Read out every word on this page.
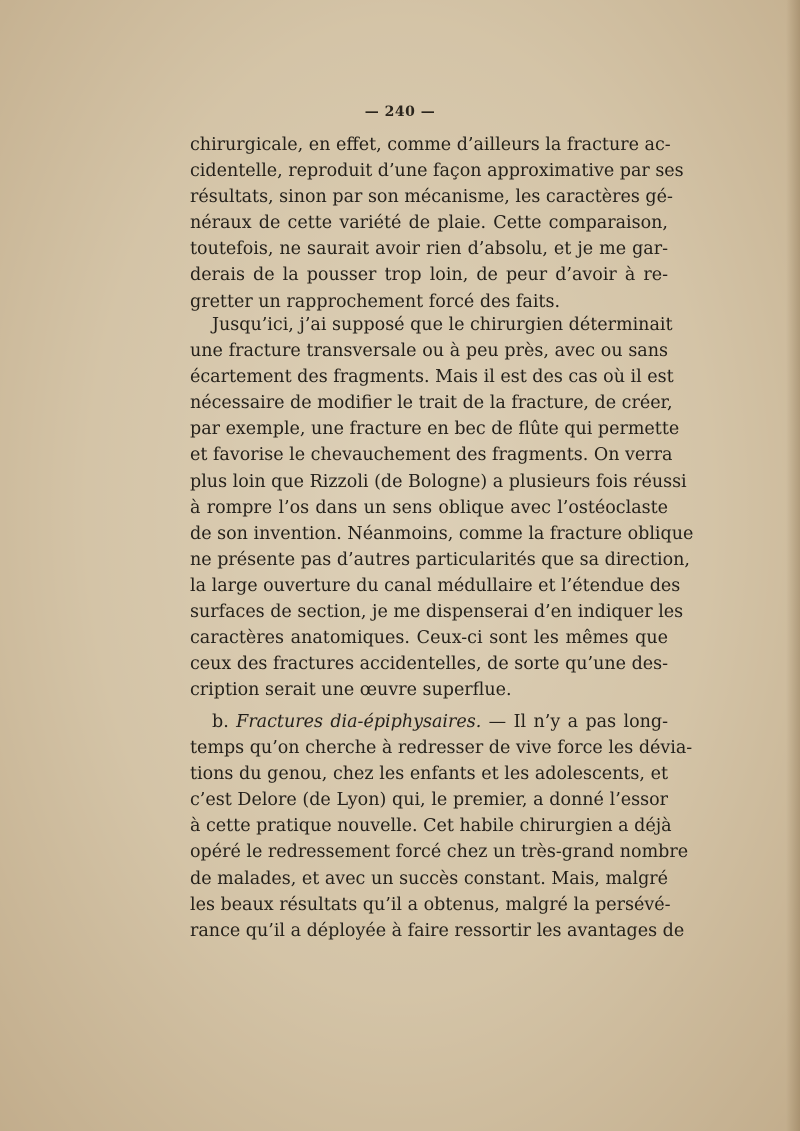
— 240 —
chirurgicale, en effet, comme d’ailleurs la fracture ac-
cidentelle, reproduit d’une façon approximative par ses
résultats, sinon par son mécanisme, les caractères gé-
néraux de cette variété de plaie. Cette comparaison,
toutefois, ne saurait avoir rien d’absolu, et je me gar-
derais de la pousser trop loin, de peur d’avoir à re-
gretter un rapprochement forcé des faits.
Jusqu’ici, j’ai supposé que le chirurgien déterminait
une fracture transversale ou à peu près, avec ou sans
écartement des fragments. Mais il est des cas où il est
nécessaire de modifier le trait de la fracture, de créer,
par exemple, une fracture en bec de flûte qui permette
et favorise le chevauchement des fragments. On verra
plus loin que Rizzoli (de Bologne) a plusieurs fois réussi
à rompre l’os dans un sens oblique avec l’ostéoclaste
de son invention. Néanmoins, comme la fracture oblique
ne présente pas d’autres particularités que sa direction,
la large ouverture du canal médullaire et l’étendue des
surfaces de section, je me dispenserai d’en indiquer les
caractères anatomiques. Ceux-ci sont les mêmes que
ceux des fractures accidentelles, de sorte qu’une des-
cription serait une œuvre superflue.
b. Fractures dia-épiphysaires. — Il n’y a pas long-
temps qu’on cherche à redresser de vive force les dévia-
tions du genou, chez les enfants et les adolescents, et
c’est Delore (de Lyon) qui, le premier, a donné l’essor
à cette pratique nouvelle. Cet habile chirurgien a déjà
opéré le redressement forcé chez un très-grand nombre
de malades, et avec un succès constant. Mais, malgré
les beaux résultats qu’il a obtenus, malgré la persévé-
rance qu’il a déployée à faire ressortir les avantages de
